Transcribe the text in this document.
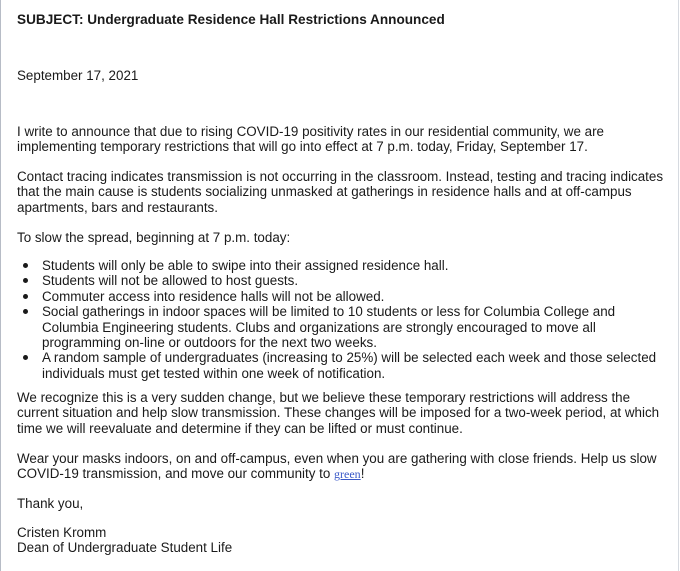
SUBJECT: Undergraduate Residence Hall Restrictions Announced

September 17, 2021

I write to announce that due to rising COVID-19 positivity rates in our residential community, we are implementing temporary restrictions that will go into effect at 7 p.m. today, Friday, September 17.

Contact tracing indicates transmission is not occurring in the classroom. Instead, testing and tracing indicates that the main cause is students socializing unmasked at gatherings in residence halls and at off-campus apartments, bars and restaurants.

To slow the spread, beginning at 7 p.m. today:

Students will only be able to swipe into their assigned residence hall.
Students will not be allowed to host guests.
Commuter access into residence halls will not be allowed.
Social gatherings in indoor spaces will be limited to 10 students or less for Columbia College and Columbia Engineering students. Clubs and organizations are strongly encouraged to move all programming on-line or outdoors for the next two weeks.
A random sample of undergraduates (increasing to 25%) will be selected each week and those selected individuals must get tested within one week of notification.

We recognize this is a very sudden change, but we believe these temporary restrictions will address the current situation and help slow transmission. These changes will be imposed for a two-week period, at which time we will reevaluate and determine if they can be lifted or must continue.

Wear your masks indoors, on and off-campus, even when you are gathering with close friends. Help us slow COVID-19 transmission, and move our community to green!

Thank you,

Cristen Kromm

Dean of Undergraduate Student Life
